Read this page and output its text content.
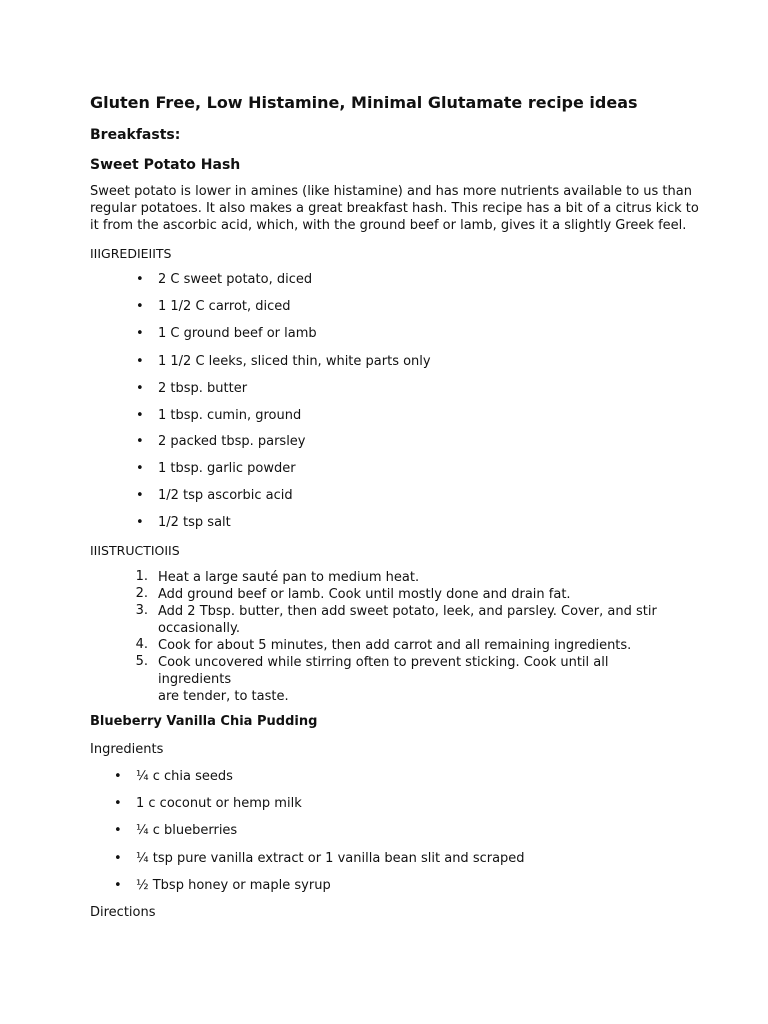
Gluten Free, Low Histamine, Minimal Glutamate recipe ideas
Breakfasts:
Sweet Potato Hash
Sweet potato is lower in amines (like histamine) and has more nutrients available to us than
regular potatoes. It also makes a great breakfast hash. This recipe has a bit of a citrus kick to
it from the ascorbic acid, which, with the ground beef or lamb, gives it a slightly Greek feel.
IIIGREDIEIITS
• 2 C sweet potato, diced
• 1 1/2 C carrot, diced
• 1 C ground beef or lamb
• 1 1/2 C leeks, sliced thin, white parts only
• 2 tbsp. butter
• 1 tbsp. cumin, ground
• 2 packed tbsp. parsley
• 1 tbsp. garlic powder
• 1/2 tsp ascorbic acid
• 1/2 tsp salt
IIISTRUCTIOIIS
1. Heat a large sauté pan to medium heat.
2. Add ground beef or lamb. Cook until mostly done and drain fat.
3. Add 2 Tbsp. butter, then add sweet potato, leek, and parsley. Cover, and stir
occasionally.
4. Cook for about 5 minutes, then add carrot and all remaining ingredients.
5. Cook uncovered while stirring often to prevent sticking. Cook until all ingredients
are tender, to taste.
Blueberry Vanilla Chia Pudding
Ingredients
• ¼ c chia seeds
• 1 c coconut or hemp milk
• ¼ c blueberries
• ¼ tsp pure vanilla extract or 1 vanilla bean slit and scraped
• ½ Tbsp honey or maple syrup
Directions
